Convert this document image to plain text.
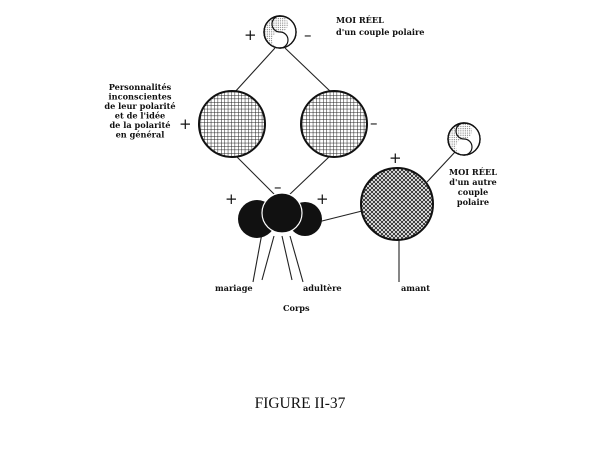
+	–
MOI RÉEL
d'un couple polaire
+	–
Personnalités
inconscientes
de leur polarité
et de l'idée
de la polarité
en général
+
–
+
+
MOI RÉEL
d'un autre
couple
polaire
mariage	adultère	amant
Corps
FIGURE II-37
